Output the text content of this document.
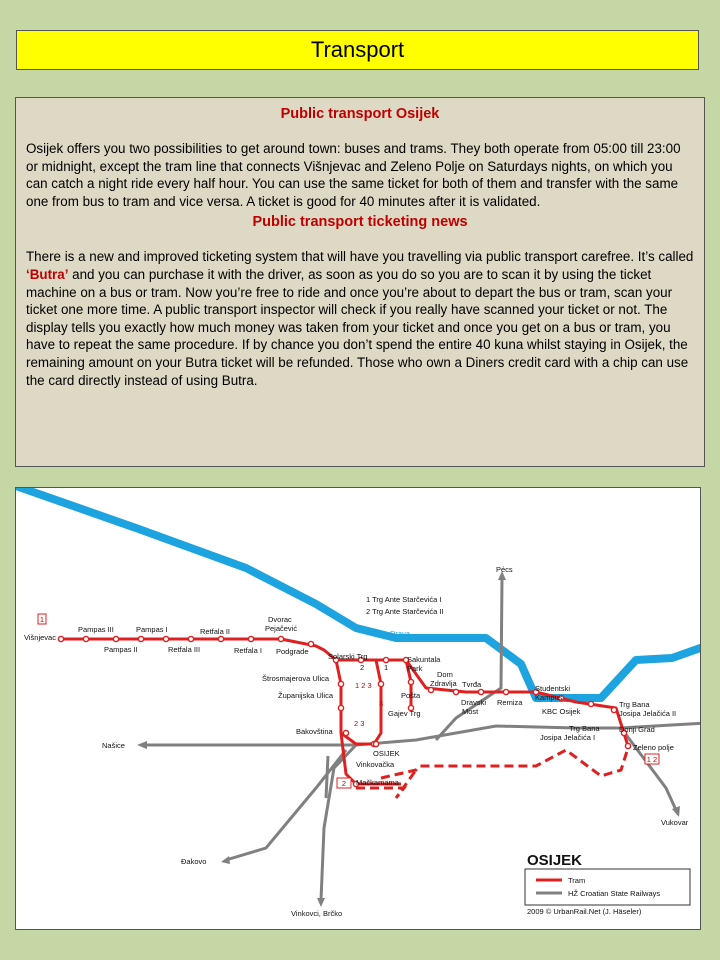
Transport
Public transport Osijek

Osijek offers you two possibilities to get around town: buses and trams. They both operate from 05:00 till 23:00 or midnight, except the tram line that connects Višnjevac and Zeleno Polje on Saturdays nights, on which you can catch a night ride every half hour. You can use the same ticket for both of them and transfer with the same one from bus to tram and vice versa. A ticket is good for 40 minutes after it is validated.

Public transport ticketing news

There is a new and improved ticketing system that will have you travelling via public transport carefree. It’s called ‘Butra’ and you can purchase it with the driver, as soon as you do so you are to scan it by using the ticket machine on a bus or tram. Now you’re free to ride and once you’re about to depart the bus or tram, scan your ticket one more time. A public transport inspector will check if you really have scanned your ticket or not. The display tells you exactly how much money was taken from your ticket and once you get on a bus or tram, you have to repeat the same procedure. If by chance you don’t spend the entire 40 kuna whilst staying in Osijek, the remaining amount on your Butra ticket will be refunded. Those who own a Diners credit card with a chip can use the card directly instead of using Butra.

1
2
1 2
1 Trg Ante Starčevića I
2 Trg Ante Starčevića II
Drava
2	1
1 2 3
2 3
3
Pécs
Našice
Đakovo
Vinkovci, Brčko
Vukovar
Višnjevac
Pampas III	Pampas I
Pampas II
Retfala II
Retfala III	Retfala I
Dvorac
Pejačević
Podgrade
Solarski Trg	Sakuntala
Park
Štrosmajerova Ulica
Županijska Ulica	Pošta
Gajev Trg
Dom
Zdravlja Tvrđa
Dravski
Most
Remiza
Studentski
Kampus
KBC Osijek
Trg Bana
Josipa Jelačića II
Trg Bana
Josipa Jelačića I
Donji Grad
Zeleno polje
Bakovština
OSIJEK
Vinkovačka
Mačkamama
OSIJEK
Tram
HŽ Croatian State Railways
2009 © UrbanRail.Net (J. Häseler)
